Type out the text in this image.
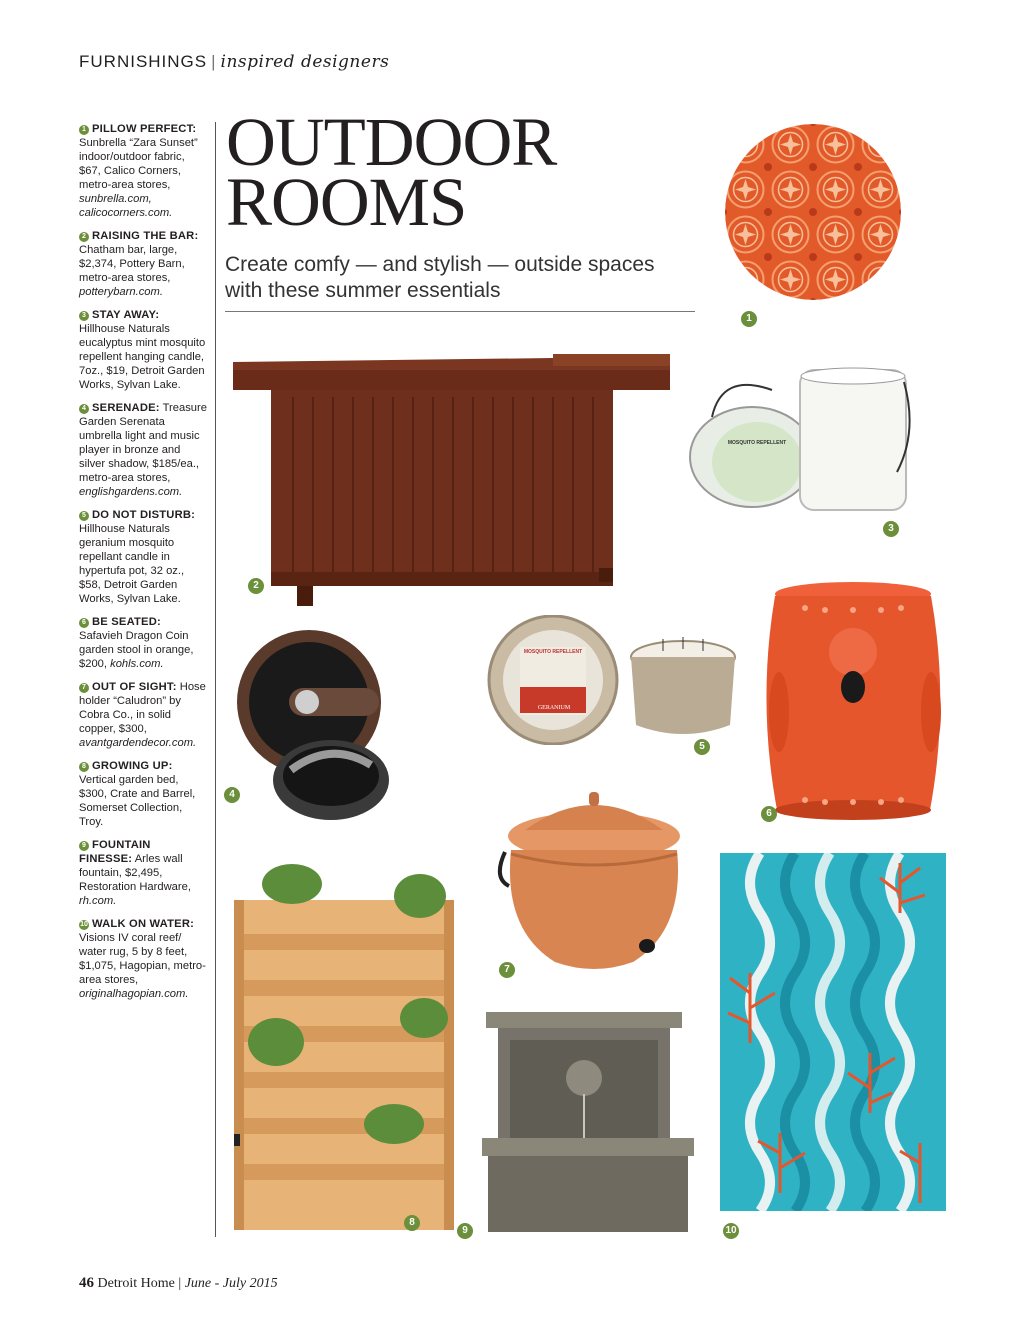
FURNISHINGS | inspired designers
1 PILLOW PERFECT: Sunbrella “Zara Sunset” indoor/outdoor fabric, $67, Calico Corners, metro-area stores, sunbrella.com, calicocorners.com.
2 RAISING THE BAR: Chatham bar, large, $2,374, Pottery Barn, metro-area stores, potterybarn.com.
3 STAY AWAY: Hillhouse Naturals eucalyptus mint mosquito repellent hanging candle, 7oz., $19, Detroit Garden Works, Sylvan Lake.
4 SERENADE: Treasure Garden Serenata umbrella light and music player in bronze and silver shadow, $185/ea., metro-area stores, englishgardens.com.
5 DO NOT DISTURB: Hillhouse Naturals geranium mosquito repellant candle in hypertufa pot, 32 oz., $58, Detroit Garden Works, Sylvan Lake.
6 BE SEATED: Safavieh Dragon Coin garden stool in orange, $200, kohls.com.
7 OUT OF SIGHT: Hose holder “Caludron” by Cobra Co., in solid copper, $300, avantgardendecor.com.
8 GROWING UP: Vertical garden bed, $300, Crate and Barrel, Somerset Collection, Troy.
9 FOUNTAIN FINESSE: Arles wall fountain, $2,495, Restoration Hardware, rh.com.
10 WALK ON WATER: Visions IV coral reef/ water rug, 5 by 8 feet, $1,075, Hagopian, metro-area stores, originalhagopian.com.
OUTDOOR
ROOMS
Create comfy — and stylish — outside spaces
with these summer essentials
1
2
MOSQUITO REPELLENT
3
4
MOSQUITO REPELLENT
GERANIUM
5
6
7
8
9	10
46 Detroit Home | June - July 2015
